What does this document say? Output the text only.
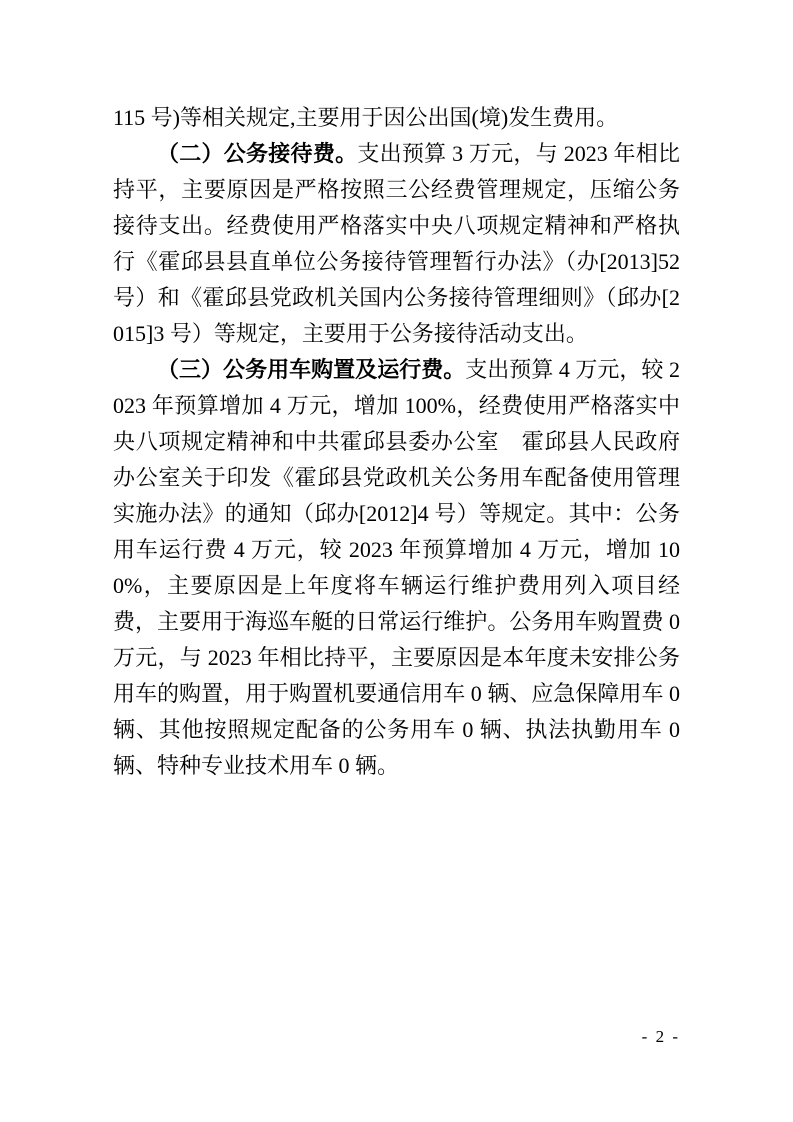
115 号)等相关规定,主要用于因公出国(境)发生费用。

（二）公务接待费。支出预算 3 万元，与 2023 年相比持平，主要原因是严格按照三公经费管理规定，压缩公务接待支出。经费使用严格落实中央八项规定精神和严格执行《霍邱县县直单位公务接待管理暂行办法》（办[2013]52 号）和《霍邱县党政机关国内公务接待管理细则》（邱办[2015]3 号）等规定，主要用于公务接待活动支出。

（三）公务用车购置及运行费。支出预算 4 万元，较 2023 年预算增加 4 万元，增加 100%，经费使用严格落实中央八项规定精神和中共霍邱县委办公室　霍邱县人民政府办公室关于印发《霍邱县党政机关公务用车配备使用管理实施办法》的通知（邱办[2012]4 号）等规定。其中：公务用车运行费 4 万元，较 2023 年预算增加 4 万元，增加 100%，主要原因是上年度将车辆运行维护费用列入项目经费，主要用于海巡车艇的日常运行维护。公务用车购置费 0 万元，与 2023 年相比持平，主要原因是本年度未安排公务用车的购置，用于购置机要通信用车 0 辆、应急保障用车 0 辆、其他按照规定配备的公务用车 0 辆、执法执勤用车 0 辆、特种专业技术用车 0 辆。

- 2 -
